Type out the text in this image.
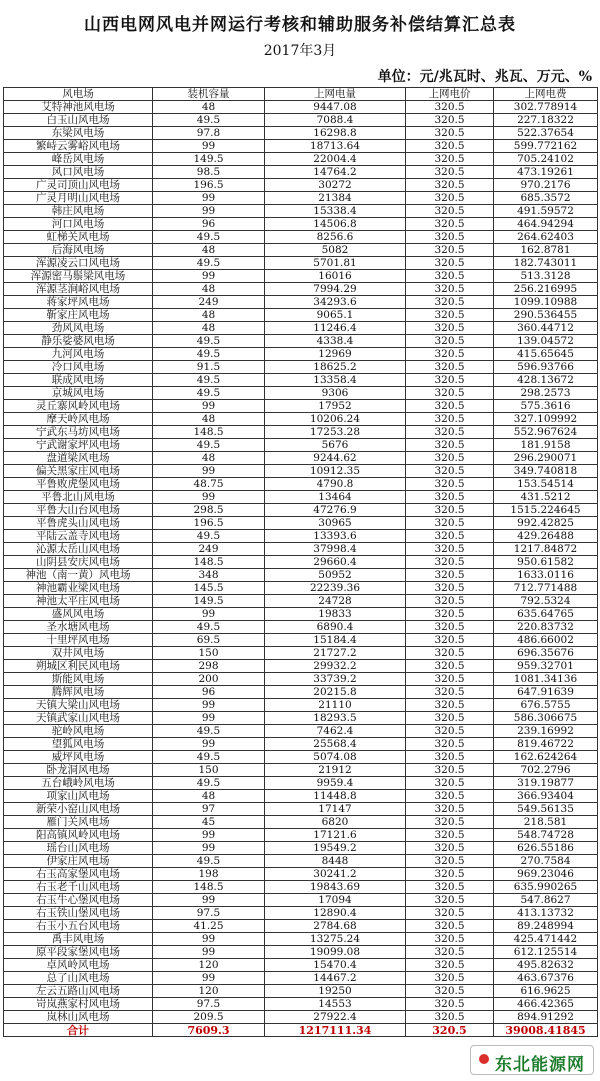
山西电网风电并网运行考核和辅助服务补偿结算汇总表
2017年3月
单位：元/兆瓦时、兆瓦、万元、%
风电场	装机容量	上网电量	上网电价	上网电费
艾特神池风电场	48	9447.08	320.5	302.778914
白玉山风电场	49.5	7088.4	320.5	227.18322
东梁风电场	97.8	16298.8	320.5	522.37654
繁峙云雾峪风电场	99	18713.64	320.5	599.772162
峰岳风电场	149.5	22004.4	320.5	705.24102
风口风电场	98.5	14764.2	320.5	473.19261
广灵司顶山风电场	196.5	30272	320.5	970.2176
广灵月明山风电场	99	21384	320.5	685.3572
韩庄风电场	99	15338.4	320.5	491.59572
河口风电场	96	14506.8	320.5	464.94294
虹梯关风电场	49.5	8256.6	320.5	264.62403
后海风电场	48	5082	320.5	162.8781
浑源凌云口风电场	49.5	5701.81	320.5	182.743011
浑源密马鬃梁风电场	99	16016	320.5	513.3128
浑源茎涧峪风电场	48	7994.29	320.5	256.216995
蒋家坪风电场	249	34293.6	320.5	1099.10988
靳家庄风电场	48	9065.1	320.5	290.536455
劲风风电场	48	11246.4	320.5	360.44712
静乐娑婆风电场	49.5	4338.4	320.5	139.04572
九河风电场	49.5	12969	320.5	415.65645
冷口风电场	91.5	18625.2	320.5	596.93766
联成风电场	49.5	13358.4	320.5	428.13672
京城风电场	49.5	9306	320.5	298.2573
灵丘寨风岭风电场	99	17952	320.5	575.3616
摩天岭风电场	48	10206.24	320.5	327.109992
宁武东马坊风电场	148.5	17253.28	320.5	552.967624
宁武谢家坪风电场	49.5	5676	320.5	181.9158
盘道梁风电场	48	9244.62	320.5	296.290071
偏关黑家庄风电场	99	10912.35	320.5	349.740818
平鲁败虎堡风电场	48.75	4790.8	320.5	153.54514
平鲁北山风电场	99	13464	320.5	431.5212
平鲁大山台风电场	298.5	47276.9	320.5	1515.224645
平鲁虎头山风电场	196.5	30965	320.5	992.42825
平陆云盖寺风电场	49.5	13393.6	320.5	429.26488
沁源太岳山风电场	249	37998.4	320.5	1217.84872
山阴县安庆风电场	148.5	29660.4	320.5	950.61582
神池（南一黄）风电场	348	50952	320.5	1633.0116
神池霸业梁风电场	145.5	22239.36	320.5	712.771488
神池太平庄风电场	149.5	24728	320.5	792.5324
盛风风电场	99	19833	320.5	635.64765
圣水塘风电场	49.5	6890.4	320.5	220.83732
十里坪风电场	69.5	15184.4	320.5	486.66002
双井风电场	150	21727.2	320.5	696.35676
朔城区利民风电场	298	29932.2	320.5	959.32701
斯能风电场	200	33739.2	320.5	1081.34136
腾辉风电场	96	20215.8	320.5	647.91639
天镇大梁山风电场	99	21110	320.5	676.5755
天镇武家山风电场	99	18293.5	320.5	586.306675
驼岭风电场	49.5	7462.4	320.5	239.16992
望狐风电场	99	25568.4	320.5	819.46722
威坪风电场	49.5	5074.08	320.5	162.624264
卧龙洞风电场	150	21912	320.5	702.2796
五台峨岭风电场	49.5	9959.4	320.5	319.19877
项家山风电场	48	11448.8	320.5	366.93404
新荣小窑山风电场	97	17147	320.5	549.56135
雁门关风电场	45	6820	320.5	218.581
阳高镇风岭风电场	99	17121.6	320.5	548.74728
瑶台山风电场	99	19549.2	320.5	626.55186
伊家庄风电场	49.5	8448	320.5	270.7584
右玉高家堡风电场	198	30241.2	320.5	969.23046
右玉老千山风电场	148.5	19843.69	320.5	635.990265
右玉牛心堡风电场	99	17094	320.5	547.8627
右玉铁山堡风电场	97.5	12890.4	320.5	413.13732
右玉小五台风电场	41.25	2784.68	320.5	89.248994
禹丰风电场	99	13275.24	320.5	425.471442
原平段家堡风电场	99	19099.08	320.5	612.125514
卓风岭风电场	120	15470.4	320.5	495.82632
总了山风电场	99	14467.2	320.5	463.67376
左云五路山风电场	120	19250	320.5	616.9625
岢岚燕家村风电场	97.5	14553	320.5	466.42365
岚林山风电场	209.5	27922.4	320.5	894.91292
合计	7609.3	1217111.34	320.5	39008.41845
东北能源网
